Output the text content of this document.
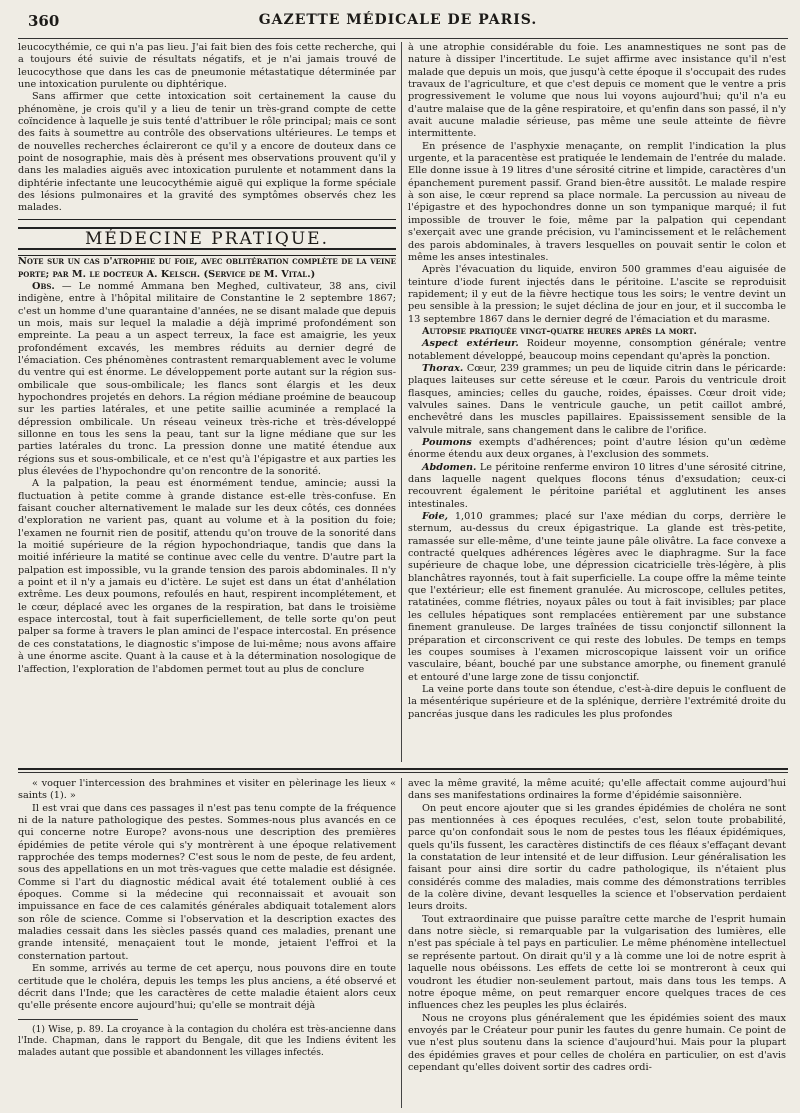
360	GAZETTE MÉDICALE DE PARIS.

leucocythémie, ce qui n'a pas lieu. J'ai fait bien des fois cette recherche, qui a toujours été suivie de résultats négatifs, et je n'ai jamais trouvé de leucocythose que dans les cas de pneumonie métastatique déterminée par une intoxication purulente ou diphtérique.

Sans affirmer que cette intoxication soit certainement la cause du phénomène, je crois qu'il y a lieu de tenir un très-grand compte de cette coïncidence à laquelle je suis tenté d'attribuer le rôle principal; mais ce sont des faits à soumettre au contrôle des observations ultérieures. Le temps et de nouvelles recherches éclaireront ce qu'il y a encore de douteux dans ce point de nosographie, mais dès à présent mes observations prouvent qu'il y dans les maladies aiguës avec intoxication purulente et notamment dans la diphtérie infectante une leucocythémie aiguë qui explique la forme spéciale des lésions pulmonaires et la gravité des symptômes observés chez les malades.

MÉDECINE PRATIQUE.

Note sur un cas d'atrophie du foie, avec oblitération complète de la veine porte; par M. le docteur A. Kelsch. (Service de M. Vital.)

Obs. — Le nommé Ammana ben Meghed, cultivateur, 38 ans, civil indigène, entre à l'hôpital militaire de Constantine le 2 septembre 1867; c'est un homme d'une quarantaine d'années, ne se disant malade que depuis un mois, mais sur lequel la maladie a déjà imprimé profondément son empreinte. La peau a un aspect terreux, la face est amaigrie, les yeux profondément excavés, les membres réduits au dernier degré de l'émaciation. Ces phénomènes contrastent remarquablement avec le volume du ventre qui est énorme. Le développement porte autant sur la région sus-ombilicale que sous-ombilicale; les flancs sont élargis et les deux hypochondres projetés en dehors. La région médiane proémine de beaucoup sur les parties latérales, et une petite saillie acuminée a remplacé la dépression ombilicale. Un réseau veineux très-riche et très-développé sillonne en tous les sens la peau, tant sur la ligne médiane que sur les parties latérales du tronc. La pression donne une matité étendue aux régions sus et sous-ombilicale, et ce n'est qu'à l'épigastre et aux parties les plus élevées de l'hypochondre qu'on rencontre de la sonorité.

A la palpation, la peau est énormément tendue, amincie; aussi la fluctuation à petite comme à grande distance est-elle très-confuse. En faisant coucher alternativement le malade sur les deux côtés, ces données d'exploration ne varient pas, quant au volume et à la position du foie; l'examen ne fournit rien de positif, attendu qu'on trouve de la sonorité dans la moitié supérieure de la région hypochondriaque, tandis que dans la moitié inférieure la matité se continue avec celle du ventre. D'autre part la palpation est impossible, vu la grande tension des parois abdominales. Il n'y a point et il n'y a jamais eu d'ictère. Le sujet est dans un état d'anhélation extrême. Les deux poumons, refoulés en haut, respirent incomplétement, et le cœur, déplacé avec les organes de la respiration, bat dans le troisième espace intercostal, tout à fait superficiellement, de telle sorte qu'on peut palper sa forme à travers le plan aminci de l'espace intercostal. En présence de ces constatations, le diagnostic s'impose de lui-même; nous avons affaire à une énorme ascite. Quant à la cause et à la détermination nosologique de l'affection, l'exploration de l'abdomen permet tout au plus de conclure

à une atrophie considérable du foie. Les anamnestiques ne sont pas de nature à dissiper l'incertitude. Le sujet affirme avec insistance qu'il n'est malade que depuis un mois, que jusqu'à cette époque il s'occupait des rudes travaux de l'agriculture, et que c'est depuis ce moment que le ventre a pris progressivement le volume que nous lui voyons aujourd'hui; qu'il n'a eu d'autre malaise que de la gêne respiratoire, et qu'enfin dans son passé, il n'y avait aucune maladie sérieuse, pas même une seule atteinte de fièvre intermittente.

En présence de l'asphyxie menaçante, on remplit l'indication la plus urgente, et la paracentèse est pratiquée le lendemain de l'entrée du malade. Elle donne issue à 19 litres d'une sérosité citrine et limpide, caractères d'un épanchement purement passif. Grand bien-être aussitôt. Le malade respire à son aise, le cœur reprend sa place normale. La percussion au niveau de l'épigastre et des hypochondres donne un son tympanique marqué; il fut impossible de trouver le foie, même par la palpation qui cependant s'exerçait avec une grande précision, vu l'amincissement et le relâchement des parois abdominales, à travers lesquelles on pouvait sentir le colon et même les anses intestinales.

Après l'évacuation du liquide, environ 500 grammes d'eau aiguisée de teinture d'iode furent injectés dans le péritoine. L'ascite se reproduisit rapidement; il y eut de la fièvre hectique tous les soirs; le ventre devint un peu sensible à la pression; le sujet déclina de jour en jour, et il succomba le 13 septembre 1867 dans le dernier degré de l'émaciation et du marasme.

Autopsie pratiquée vingt-quatre heures après la mort.

Aspect extérieur. Roideur moyenne, consomption générale; ventre notablement développé, beaucoup moins cependant qu'après la ponction.

Thorax. Cœur, 239 grammes; un peu de liquide citrin dans le péricarde: plaques laiteuses sur cette séreuse et le cœur. Parois du ventricule droit flasques, amincies; celles du gauche, roides, épaisses. Cœur droit vide; valvules saines. Dans le ventricule gauche, un petit caillot ambré, enchevêtré dans les muscles papillaires. Epaississement sensible de la valvule mitrale, sans changement dans le calibre de l'orifice.

Poumons exempts d'adhérences; point d'autre lésion qu'un œdème énorme étendu aux deux organes, à l'exclusion des sommets.

Abdomen. Le péritoine renferme environ 10 litres d'une sérosité citrine, dans laquelle nagent quelques flocons ténus d'exsudation; ceux-ci recouvrent également le péritoine pariétal et agglutinent les anses intestinales.

Foie, 1,010 grammes; placé sur l'axe médian du corps, derrière le sternum, au-dessus du creux épigastrique. La glande est très-petite, ramassée sur elle-même, d'une teinte jaune pâle olivâtre. La face convexe a contracté quelques adhérences légères avec le diaphragme. Sur la face supérieure de chaque lobe, une dépression cicatricielle très-légère, à plis blanchâtres rayonnés, tout à fait superficielle. La coupe offre la même teinte que l'extérieur; elle est finement granulée. Au microscope, cellules petites, ratatinées, comme flétries, noyaux pâles ou tout à fait invisibles; par place les cellules hépatiques sont remplacées entièrement par une substance finement granuleuse. De larges traînées de tissu conjonctif sillonnent la préparation et circonscrivent ce qui reste des lobules. De temps en temps les coupes soumises à l'examen microscopique laissent voir un orifice vasculaire, béant, bouché par une substance amorphe, ou finement granulé et entouré d'une large zone de tissu conjonctif.

La veine porte dans toute son étendue, c'est-à-dire depuis le confluent de la mésentérique supérieure et de la splénique, derrière l'extrémité droite du pancréas jusque dans les radicules les plus profondes

« voquer l'intercession des brahmines et visiter en pèlerinage les lieux « saints (1). »

Il est vrai que dans ces passages il n'est pas tenu compte de la fréquence ni de la nature pathologique des pestes. Sommes-nous plus avancés en ce qui concerne notre Europe? avons-nous une description des premières épidémies de petite vérole qui s'y montrèrent à une époque relativement rapprochée des temps modernes? C'est sous le nom de peste, de feu ardent, sous des appellations en un mot très-vagues que cette maladie est désignée. Comme si l'art du diagnostic médical avait été totalement oublié à ces époques. Comme si la médecine qui reconnaissait et avouait son impuissance en face de ces calamités générales abdiquait totalement alors son rôle de science. Comme si l'observation et la description exactes des maladies cessait dans les siècles passés quand ces maladies, prenant une grande intensité, menaçaient tout le monde, jetaient l'effroi et la consternation partout.

En somme, arrivés au terme de cet aperçu, nous pouvons dire en toute certitude que le choléra, depuis les temps les plus anciens, a été observé et décrit dans l'Inde; que les caractères de cette maladie étaient alors ceux qu'elle présente encore aujourd'hui; qu'elle se montrait déjà

(1) Wise, p. 89. La croyance à la contagion du choléra est très-ancienne dans l'Inde. Chapman, dans le rapport du Bengale, dit que les Indiens évitent les malades autant que possible et abandonnent les villages infectés.

avec la même gravité, la même acuité; qu'elle affectait comme aujourd'hui dans ses manifestations ordinaires la forme d'épidémie saisonnière.

On peut encore ajouter que si les grandes épidémies de choléra ne sont pas mentionnées à ces époques reculées, c'est, selon toute probabilité, parce qu'on confondait sous le nom de pestes tous les fléaux épidémiques, quels qu'ils fussent, les caractères distinctifs de ces fléaux s'effaçant devant la constatation de leur intensité et de leur diffusion. Leur généralisation les faisant pour ainsi dire sortir du cadre pathologique, ils n'étaient plus considérés comme des maladies, mais comme des démonstrations terribles de la colère divine, devant lesquelles la science et l'observation perdaient leurs droits.

Tout extraordinaire que puisse paraître cette marche de l'esprit humain dans notre siècle, si remarquable par la vulgarisation des lumières, elle n'est pas spéciale à tel pays en particulier. Le même phénomène intellectuel se représente partout. On dirait qu'il y a là comme une loi de notre esprit à laquelle nous obéissons. Les effets de cette loi se montreront à ceux qui voudront les étudier non-seulement partout, mais dans tous les temps. A notre époque même, on peut remarquer encore quelques traces de ces influences chez les peuples les plus éclairés.

Nous ne croyons plus généralement que les épidémies soient des maux envoyés par le Créateur pour punir les fautes du genre humain. Ce point de vue n'est plus soutenu dans la science d'aujourd'hui. Mais pour la plupart des épidémies graves et pour celles de choléra en particulier, on est d'avis cependant qu'elles doivent sortir des cadres ordi-
